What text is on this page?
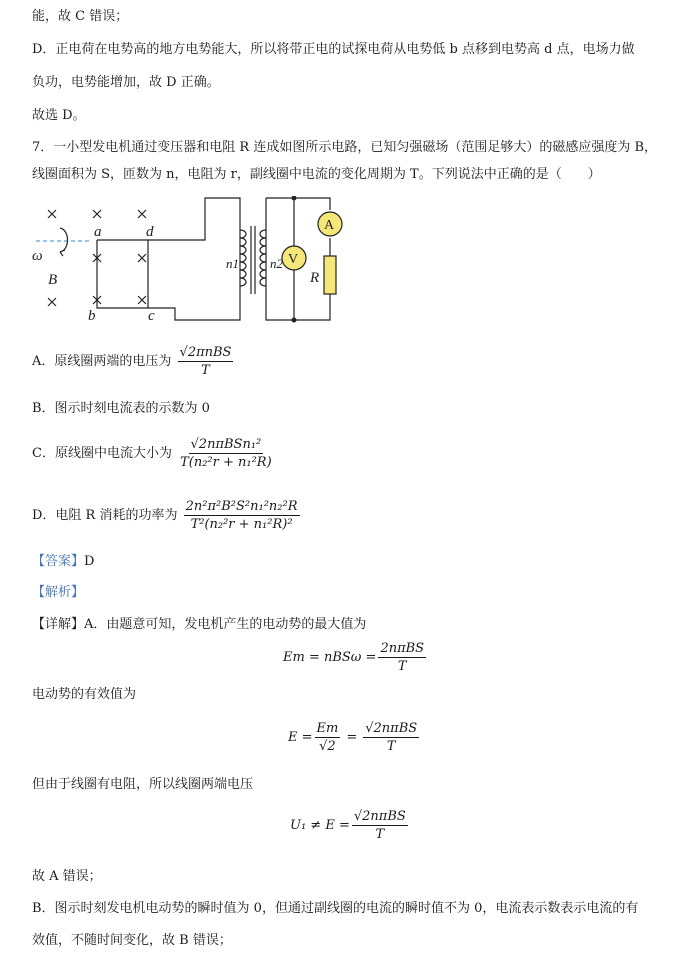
能，故 C 错误；
D．正电荷在电势高的地方电势能大，所以将带正电的试探电荷从电势低 b 点移到电势高 d 点，电场力做
负功，电势能增加，故 D 正确。
故选 D。
7．一小型发电机通过变压器和电阻 R 连成如图所示电路，已知匀强磁场（范围足够大）的磁感应强度为 B，
线圈面积为 S，匝数为 n，电阻为 r，副线圈中电流的变化周期为 T。下列说法中正确的是（　　）
A
V
a	d
b	c
ω
B
n1 n2
R
A．原线圈两端的电压为 $\frac{\text{√2πnBS}}{T}$
B．图示时刻电流表的示数为 0
C．原线圈中电流大小为 $\frac{\text{√2nπBSn₁²}}{\text{T(n₂²r + n₁²R)}}$
D．电阻 R 消耗的功率为 $\frac{\text{2n²π²B²S²n₁²n₂²R}}{\text{T²(n₂²r + n₁²R)²}}$
【答案】D
【解析】
【详解】A．由题意可知，发电机产生的电动势的最大值为
$Em = nBS\omega = \frac{\text{2nπBS}}{T}$
电动势的有效值为
$E = \frac{Em}{√2} = \frac{\text{√2nπBS}}{T}$
但由于线圈有电阻，所以线圈两端电压
$U_1 \ne E = \frac{\text{√2nπBS}}{T}$
故 A 错误；
B．图示时刻发电机电动势的瞬时值为 0，但通过副线圈的电流的瞬时值不为 0，电流表示数表示电流的有
效值，不随时间变化，故 B 错误；
